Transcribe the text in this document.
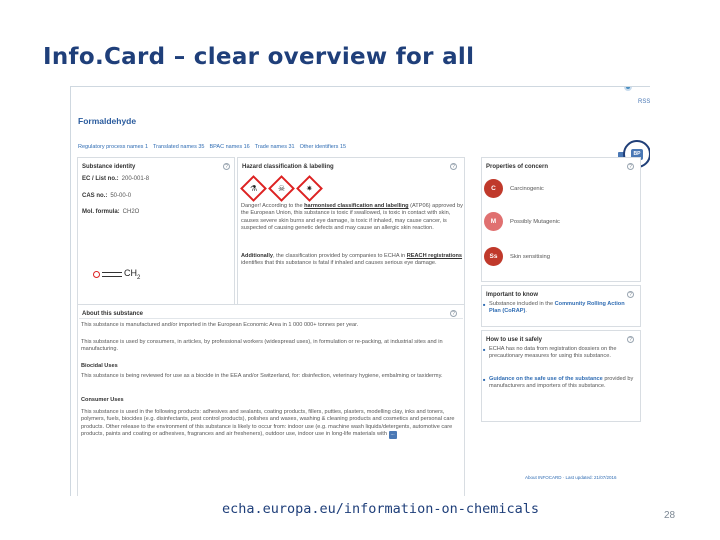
Info.Card – clear overview for all
RSS
Formaldehyde
Regulatory process names 1 Translated names 35 BPAC names 16 Trade names 31 Other identifiers 15
BP
Substance identity	?
EC / List no.: 200-001-8
CAS no.: 50-00-0
Mol. formula: CH2O
$CH_2$
Hazard classification & labelling	?
⚗	☠	✷
Danger! According to the harmonised classification and labelling (ATP06) approved by the European Union, this substance is toxic if swallowed, is toxic in contact with skin, causes severe skin burns and eye damage, is toxic if inhaled, may cause cancer, is suspected of causing genetic defects and may cause an allergic skin reaction.
Additionally, the classification provided by companies to ECHA in REACH registrations identifies that this substance is fatal if inhaled and causes serious eye damage.
Properties of concern	?
C	Carcinogenic
M	Possibly Mutagenic
Ss	Skin sensitising
Important to know	?
■ Substance included in the Community Rolling Action Plan (CoRAP).
How to use it safely	?
■ ECHA has no data from registration dossiers on the precautionary measures for using this substance.
■ Guidance on the safe use of the substance provided by manufacturers and importers of this substance.
About this substance	?
This substance is manufactured and/or imported in the European Economic Area in 1 000 000+ tonnes per year.
This substance is used by consumers, in articles, by professional workers (widespread uses), in formulation or re-packing, at industrial sites and in manufacturing.
Biocidal Uses
This substance is being reviewed for use as a biocide in the EEA and/or Switzerland, for: disinfection, veterinary hygiene, embalming or taxidermy.
Consumer Uses
This substance is used in the following products: adhesives and sealants, coating products, fillers, putties, plasters, modelling clay, inks and toners, polymers, fuels, biocides (e.g. disinfectants, pest control products), polishes and waxes, washing & cleaning products and cosmetics and personal care products. Other release to the environment of this substance is likely to occur from: indoor use (e.g. machine wash liquids/detergents, automotive care products, paints and coating or adhesives, fragrances and air fresheners), outdoor use, indoor use in long-life materials with ...
About INFOCARD · Last updated: 21/07/2016
echa.europa.eu/information-on-chemicals	28
